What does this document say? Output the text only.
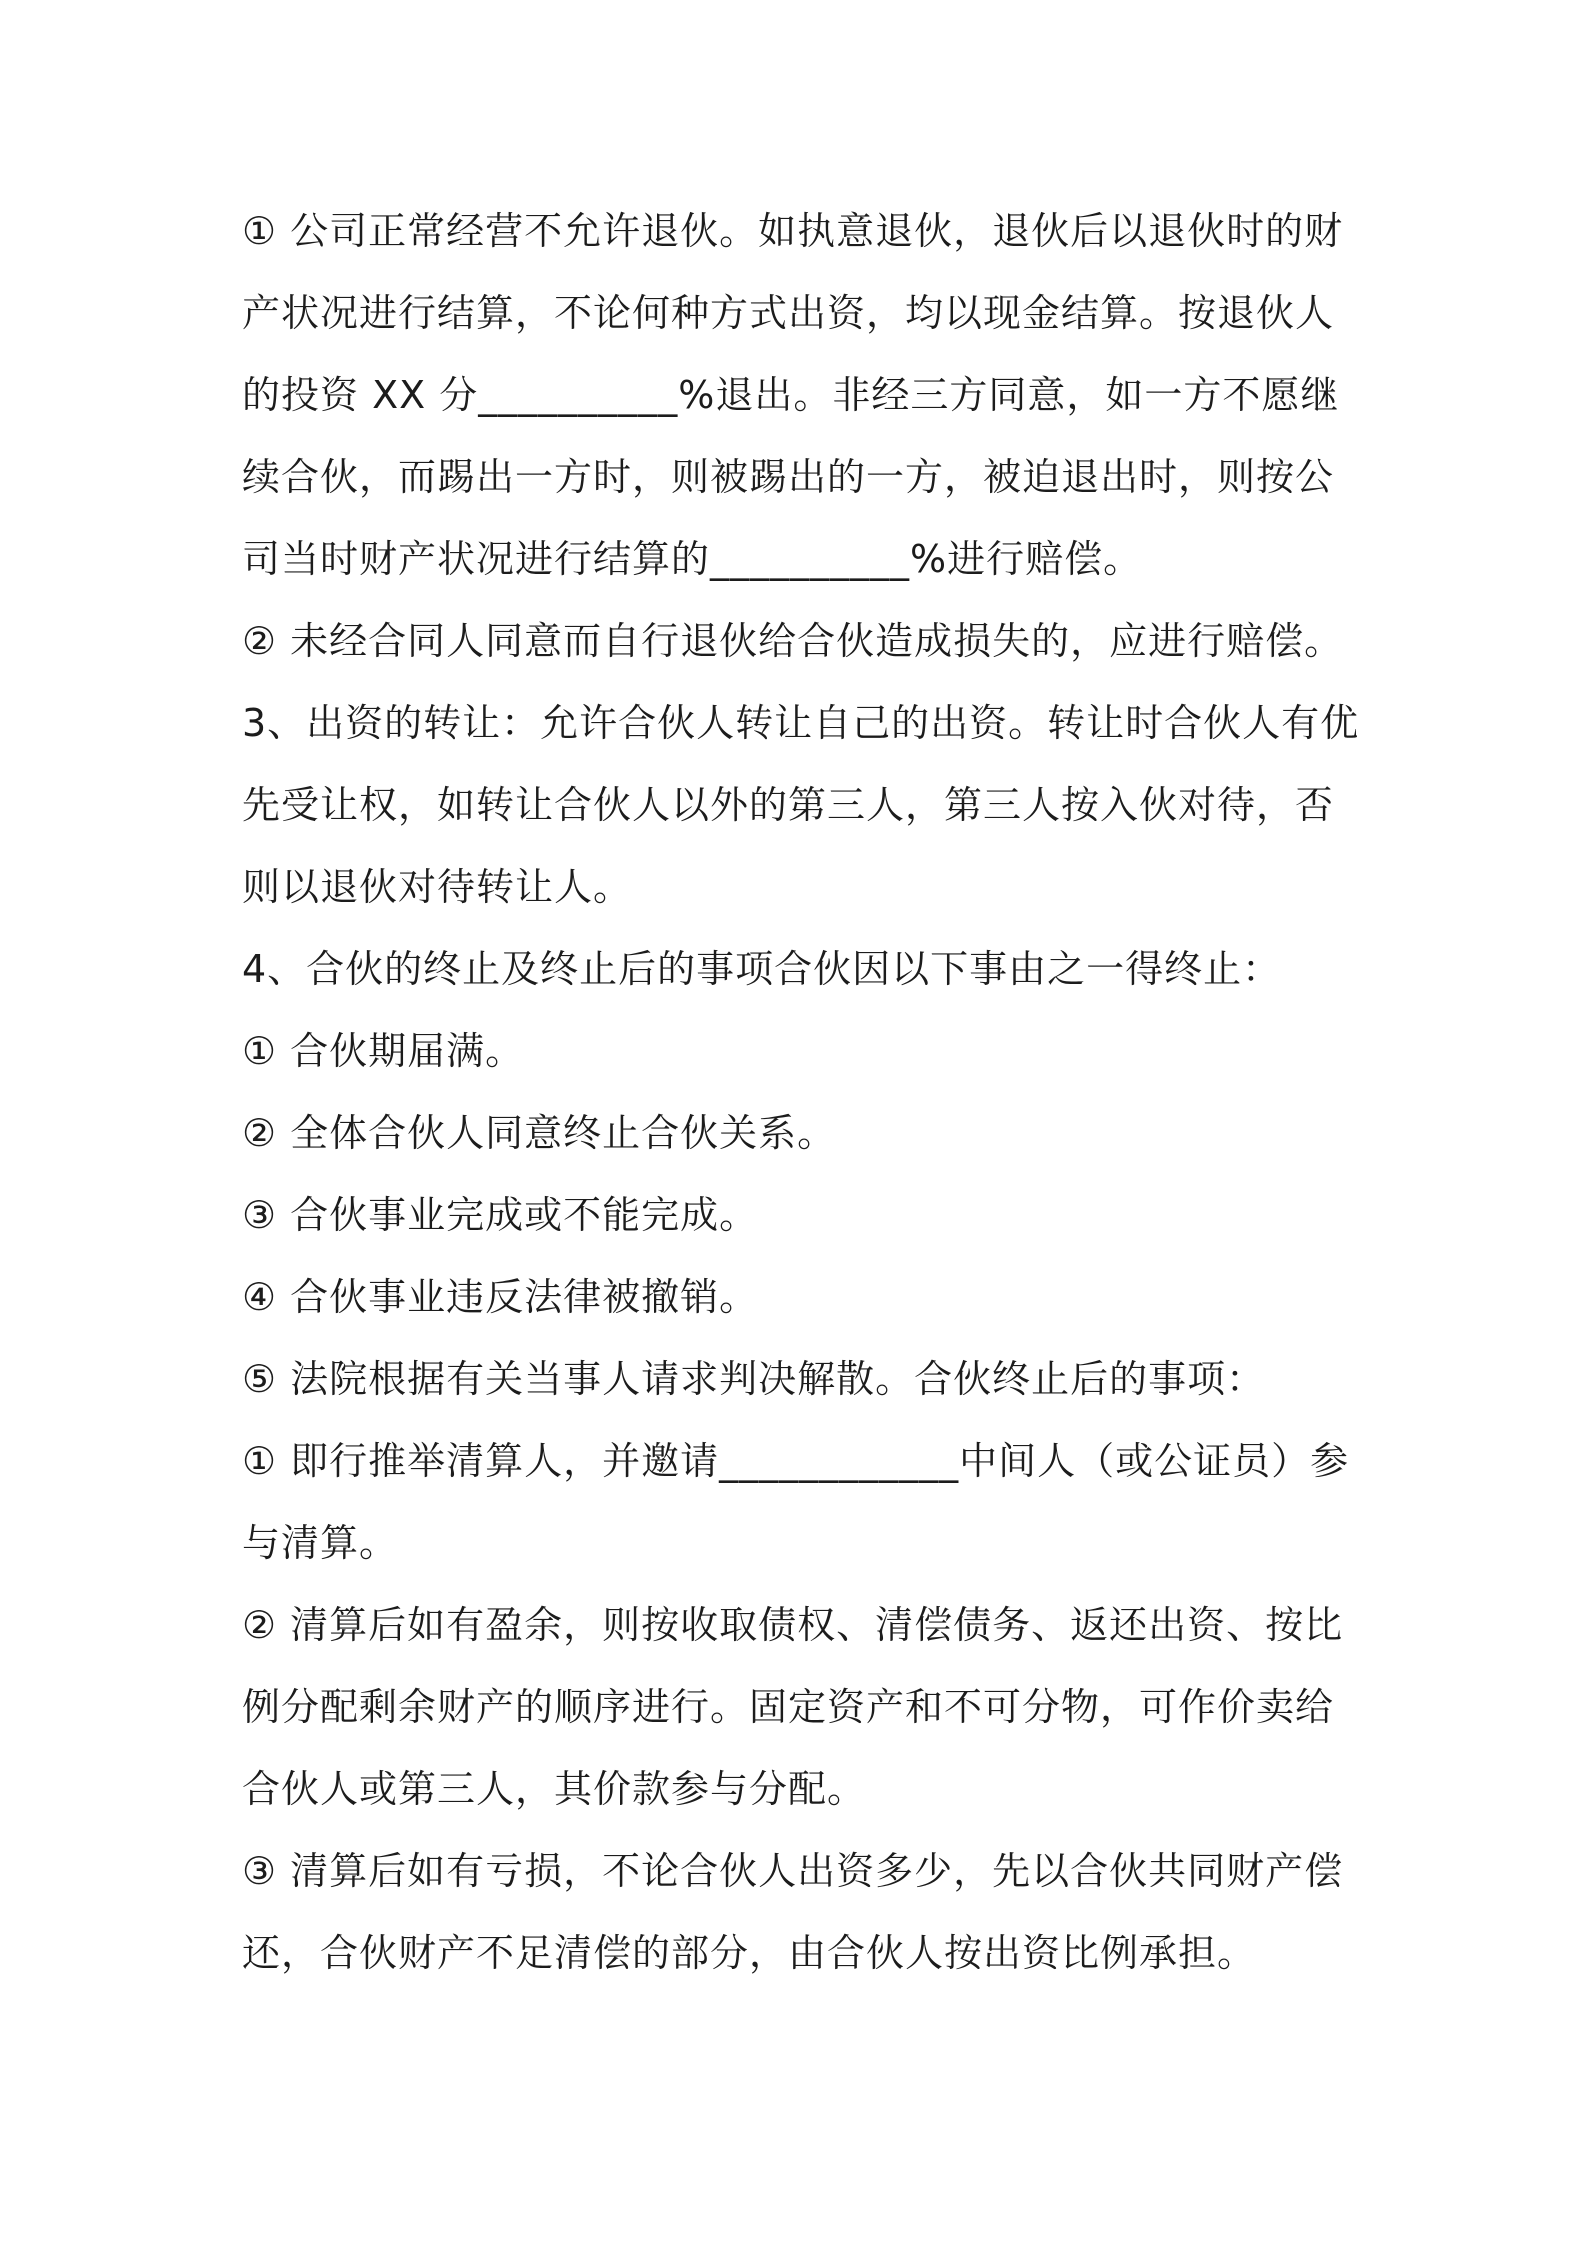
① 公司正常经营不允许退伙。如执意退伙，退伙后以退伙时的财产状况进行结算，不论何种方式出资，均以现金结算。按退伙人的投资 XX 分__________%退出。非经三方同意，如一方不愿继续合伙，而踢出一方时，则被踢出的一方，被迫退出时，则按公司当时财产状况进行结算的__________%进行赔偿。

② 未经合同人同意而自行退伙给合伙造成损失的，应进行赔偿。

3、出资的转让：允许合伙人转让自己的出资。转让时合伙人有优先受让权，如转让合伙人以外的第三人，第三人按入伙对待，否则以退伙对待转让人。

4、合伙的终止及终止后的事项合伙因以下事由之一得终止：

① 合伙期届满。

② 全体合伙人同意终止合伙关系。

③ 合伙事业完成或不能完成。

④ 合伙事业违反法律被撤销。

⑤ 法院根据有关当事人请求判决解散。合伙终止后的事项：

① 即行推举清算人，并邀请____________中间人（或公证员）参与清算。

② 清算后如有盈余，则按收取债权、清偿债务、返还出资、按比例分配剩余财产的顺序进行。固定资产和不可分物，可作价卖给合伙人或第三人，其价款参与分配。

③ 清算后如有亏损，不论合伙人出资多少，先以合伙共同财产偿还，合伙财产不足清偿的部分，由合伙人按出资比例承担。
